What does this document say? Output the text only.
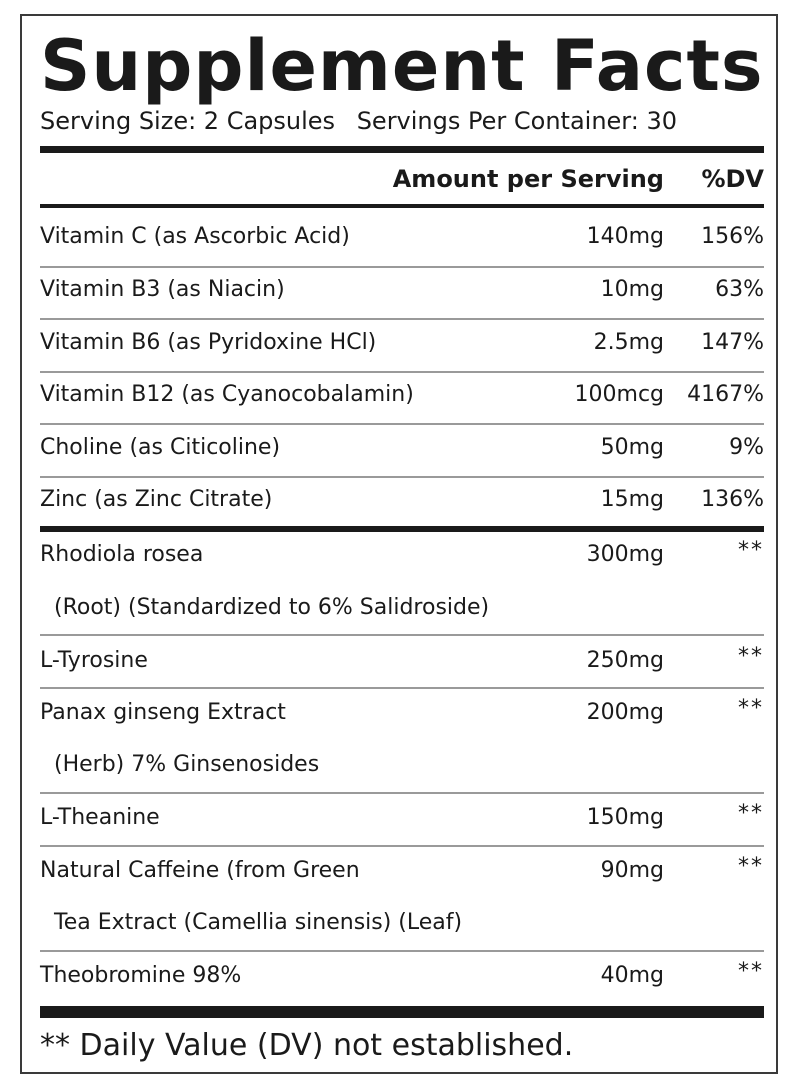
Supplement Facts
Serving Size: 2 Capsules Servings Per Container: 30
Amount per Serving %DV
Vitamin C (as Ascorbic Acid)	140mg 156%
Vitamin B3 (as Niacin)	10mg 63%
Vitamin B6 (as Pyridoxine HCl)	2.5mg 147%
Vitamin B12 (as Cyanocobalamin)	100mcg 4167%
Choline (as Citicoline)	50mg	9%
Zinc (as Zinc Citrate)	15mg 136%
Rhodiola rosea	300mg	**
(Root) (Standardized to 6% Salidroside)
L-Tyrosine	250mg	**
Panax ginseng Extract	200mg	**
(Herb) 7% Ginsenosides
L-Theanine	150mg	**
Natural Caffeine (from Green	90mg	**
Tea Extract (Camellia sinensis) (Leaf)
Theobromine 98%	40mg	**
** Daily Value (DV) not established.
